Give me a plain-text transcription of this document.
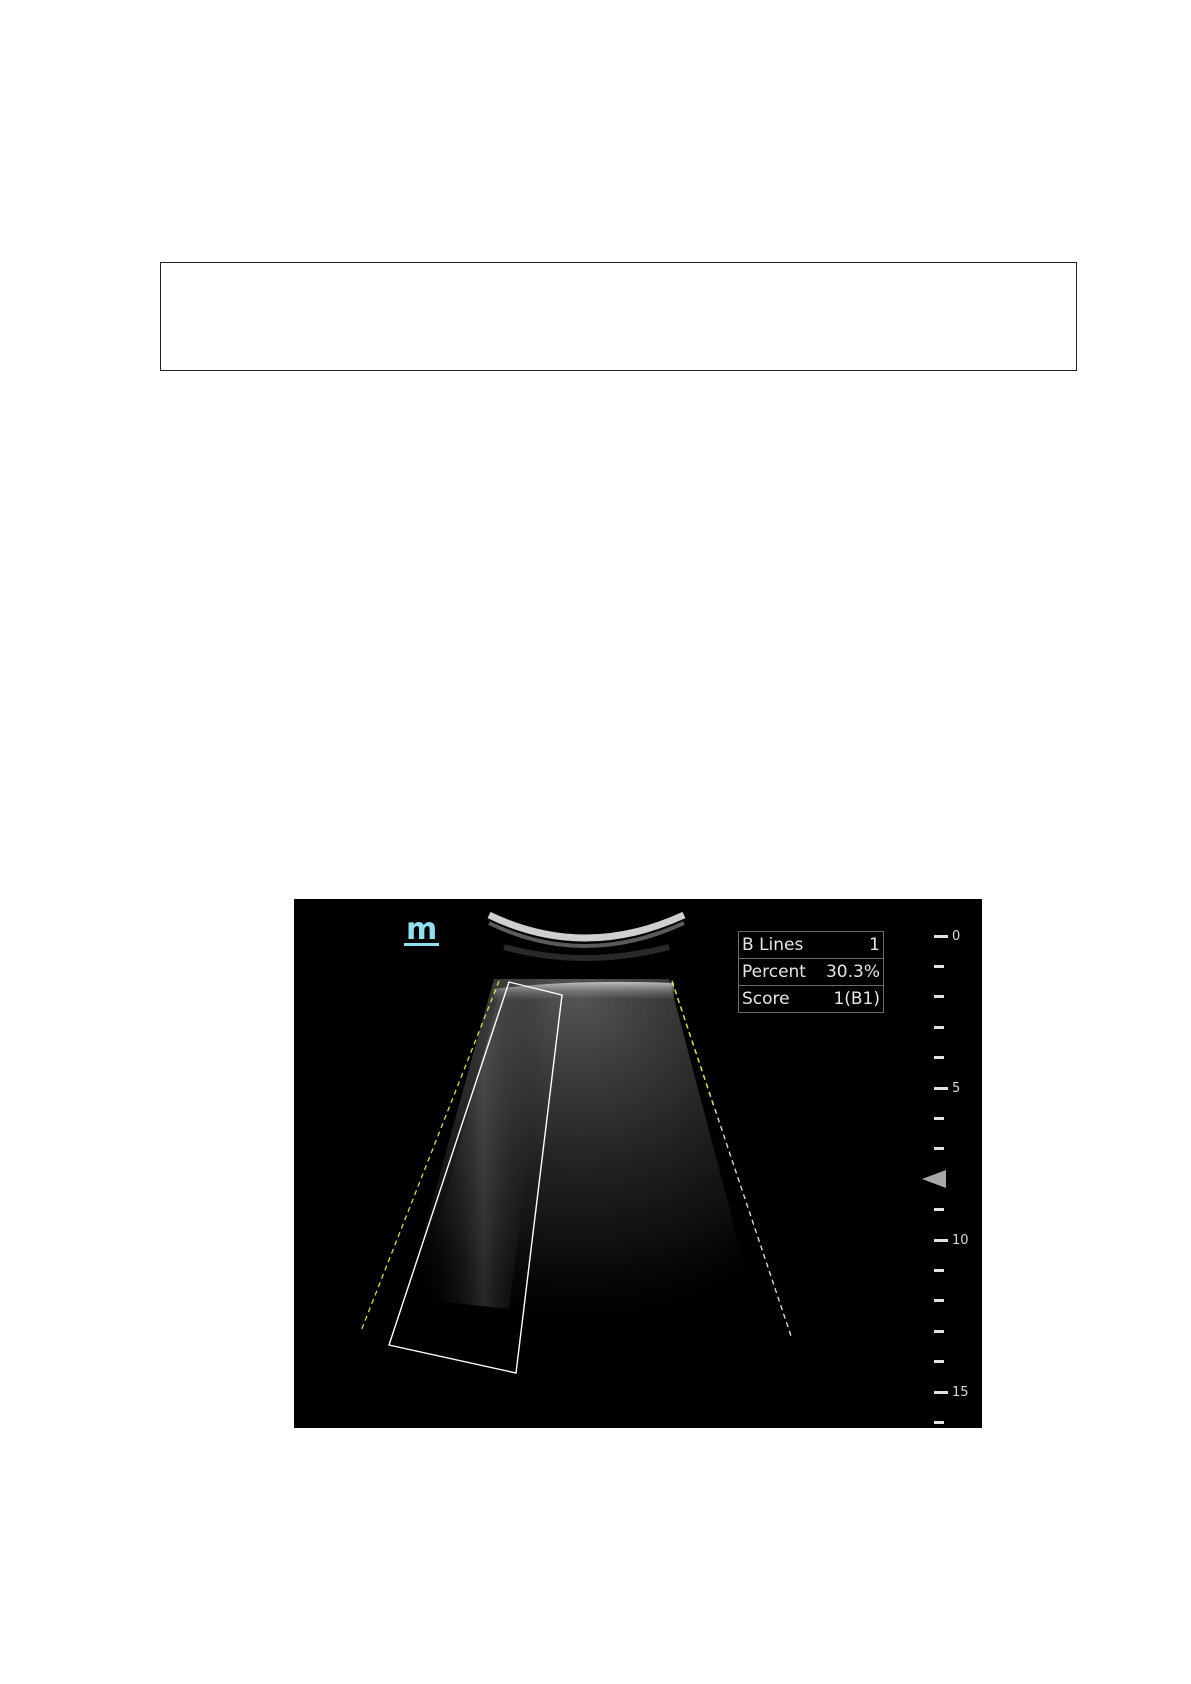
m	B Lines	1
Percent	30.3%
Score	1(B1)
0
5
10
15
